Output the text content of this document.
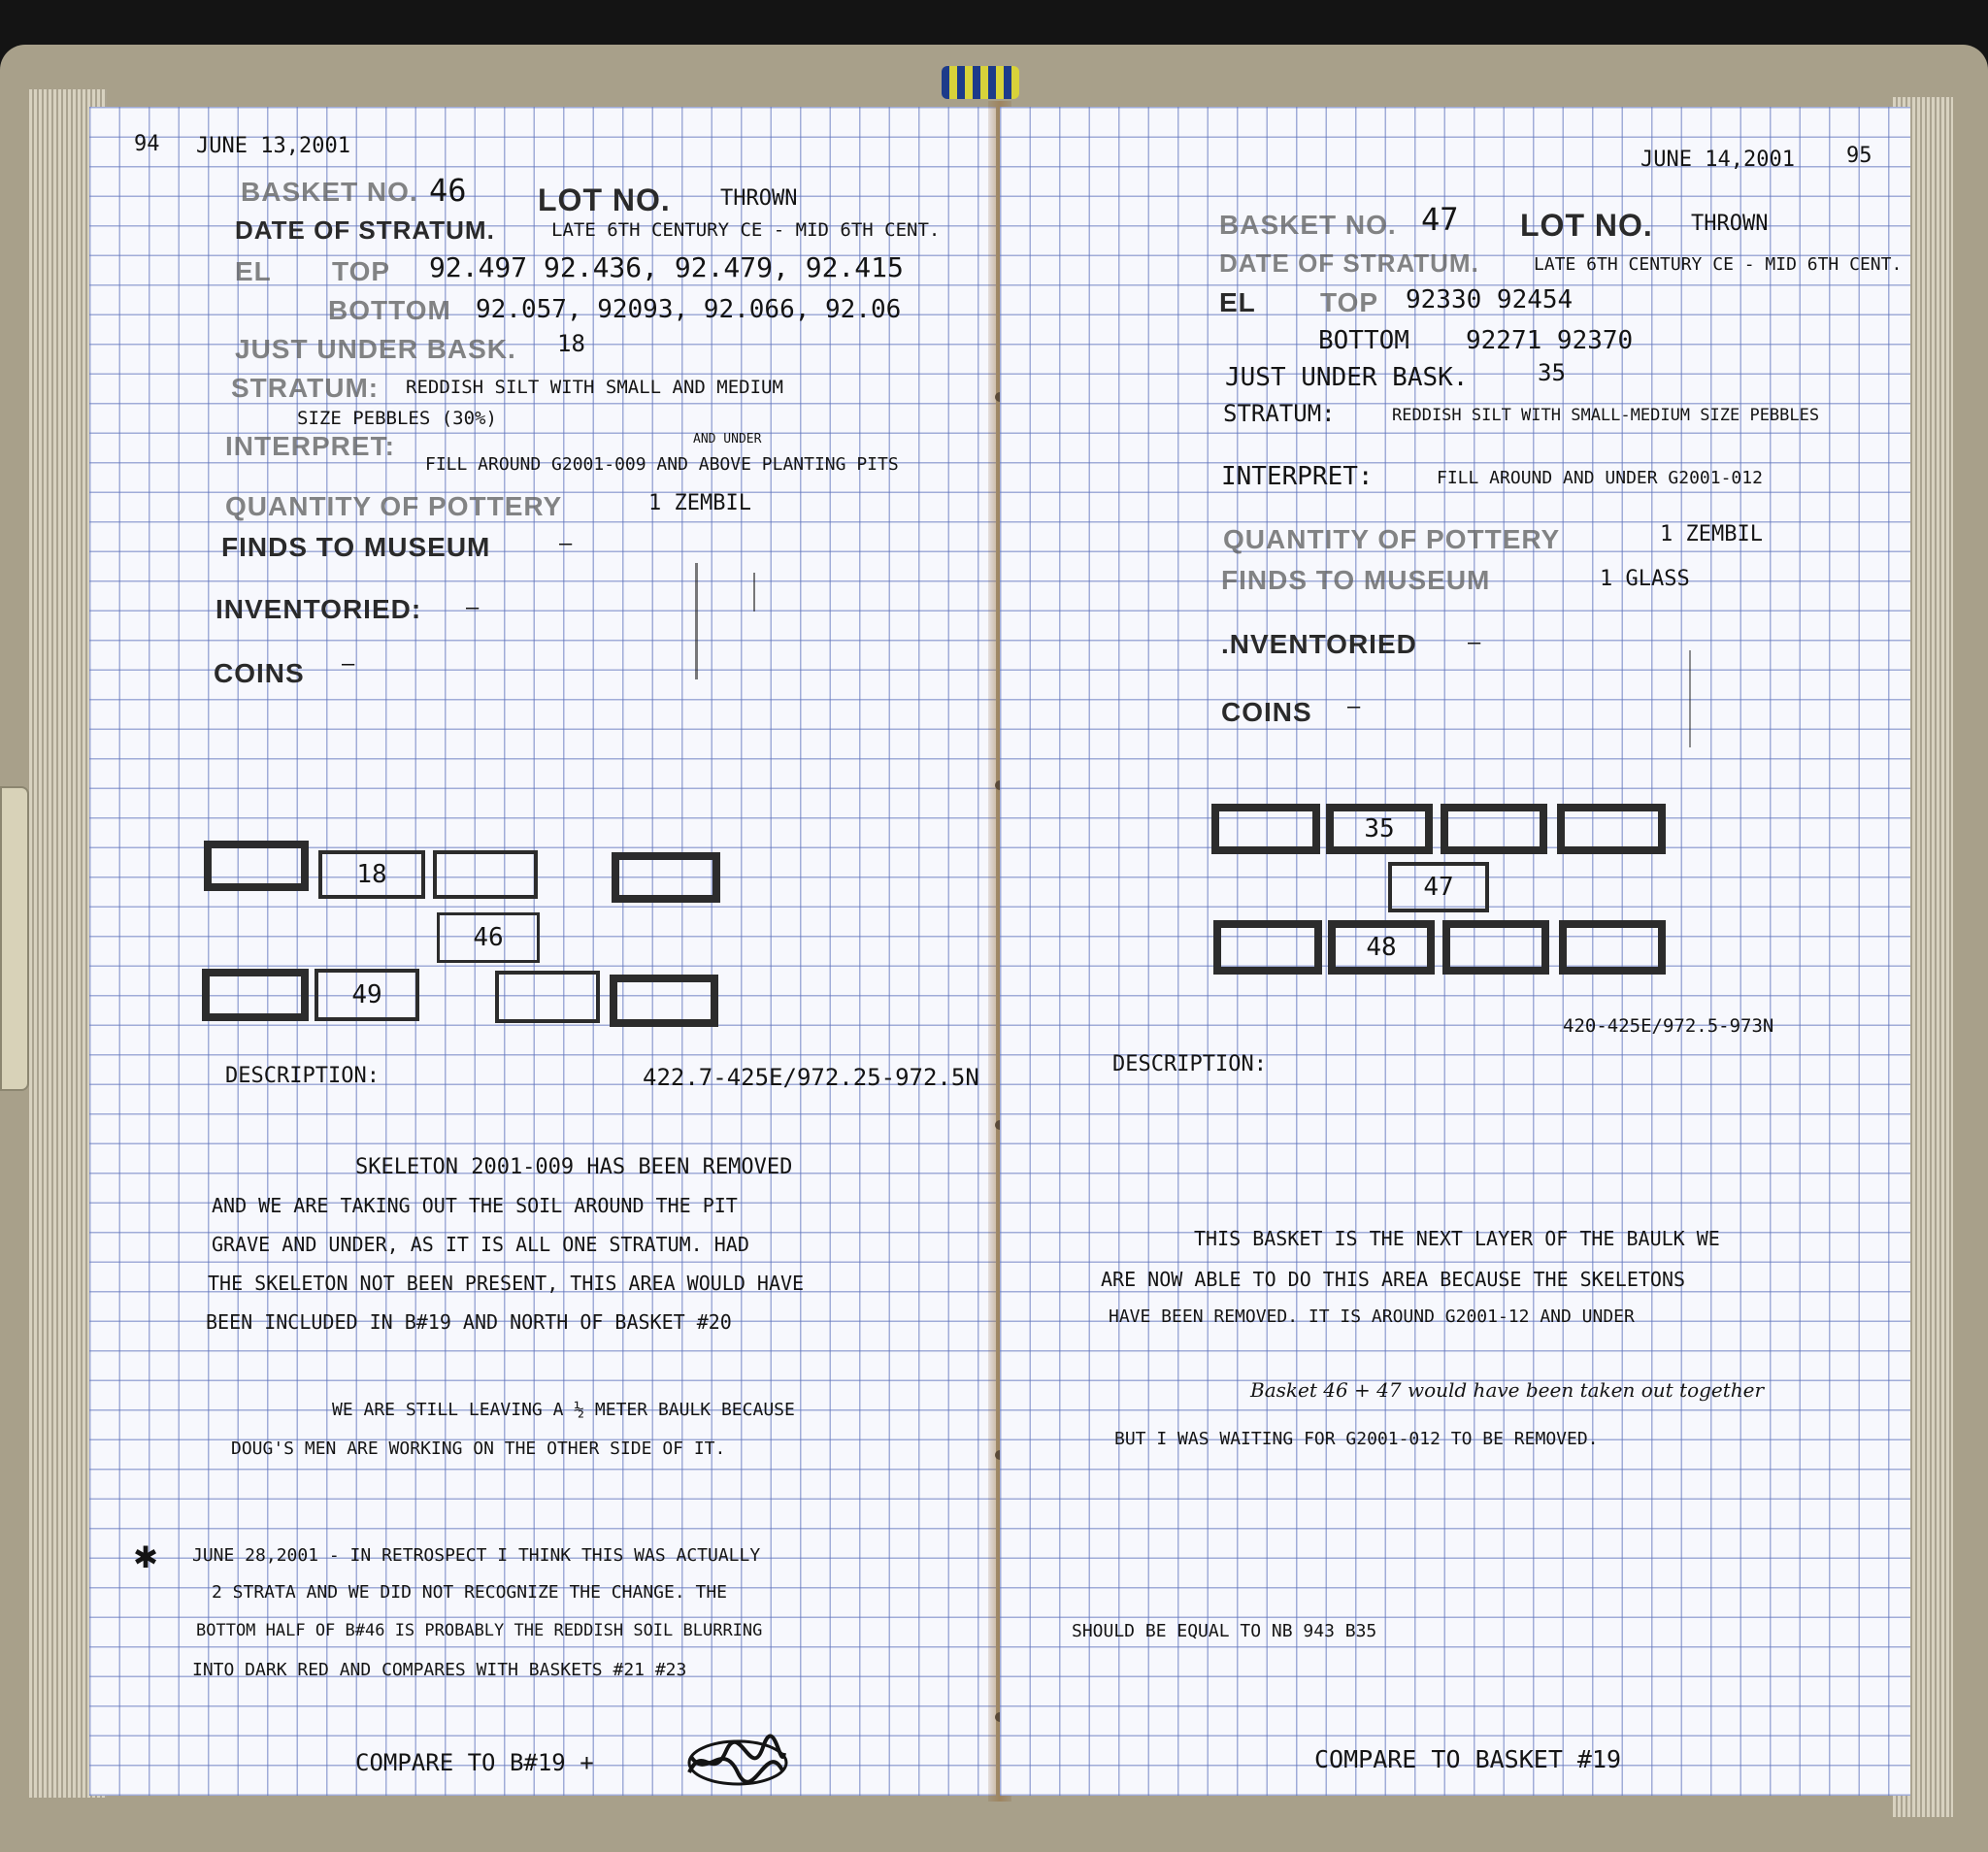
94 JUNE 13,2001
BASKET NO. 46 LOT NO. THROWN
DATE OF STRATUM.	LATE 6TH CENTURY CE - MID 6TH CENT.
EL TOP 92.497 92.436, 92.479, 92.415
BOTTOM 92.057, 92093, 92.066, 92.06
JUST UNDER BASK. 18
STRATUM: REDDISH SILT WITH SMALL AND MEDIUM
SIZE PEBBLES (30%)
INTERPRET:	AND UNDER
FILL AROUND G2001-009 AND ABOVE PLANTING PITS
QUANTITY OF POTTERY	1 ZEMBIL
FINDS TO MUSEUM	—
INVENTORIED: —
COINS —
18
46
49
DESCRIPTION:	422.7-425E/972.25-972.5N
SKELETON 2001-009 HAS BEEN REMOVED
AND WE ARE TAKING OUT THE SOIL AROUND THE PIT
GRAVE AND UNDER, AS IT IS ALL ONE STRATUM. HAD
THE SKELETON NOT BEEN PRESENT, THIS AREA WOULD HAVE
BEEN INCLUDED IN B#19 AND NORTH OF BASKET #20
WE ARE STILL LEAVING A ½ METER BAULK BECAUSE
DOUG'S MEN ARE WORKING ON THE OTHER SIDE OF IT.
✱ JUNE 28,2001 - IN RETROSPECT I THINK THIS WAS ACTUALLY
2 STRATA AND WE DID NOT RECOGNIZE THE CHANGE. THE
BOTTOM HALF OF B#46 IS PROBABLY THE REDDISH SOIL BLURRING
INTO DARK RED AND COMPARES WITH BASKETS #21 #23
COMPARE TO B#19 +
JUNE 14,2001 95
BASKET NO. 47 LOT NO. THROWN
DATE OF STRATUM.	LATE 6TH CENTURY CE - MID 6TH CENT.
EL TOP 92330 92454
BOTTOM 92271 92370
JUST UNDER BASK.	35
STRATUM:	REDDISH SILT WITH SMALL-MEDIUM SIZE PEBBLES
INTERPRET:	FILL AROUND AND UNDER G2001-012
QUANTITY OF POTTERY	1 ZEMBIL
FINDS TO MUSEUM	1 GLASS
.NVENTORIED —
COINS —
35
47
48
420-425E/972.5-973N
DESCRIPTION:
THIS BASKET IS THE NEXT LAYER OF THE BAULK WE
ARE NOW ABLE TO DO THIS AREA BECAUSE THE SKELETONS
HAVE BEEN REMOVED. IT IS AROUND G2001-12 AND UNDER
Basket 46 + 47 would have been taken out together
BUT I WAS WAITING FOR G2001-012 TO BE REMOVED.
SHOULD BE EQUAL TO NB 943 B35
COMPARE TO BASKET #19
